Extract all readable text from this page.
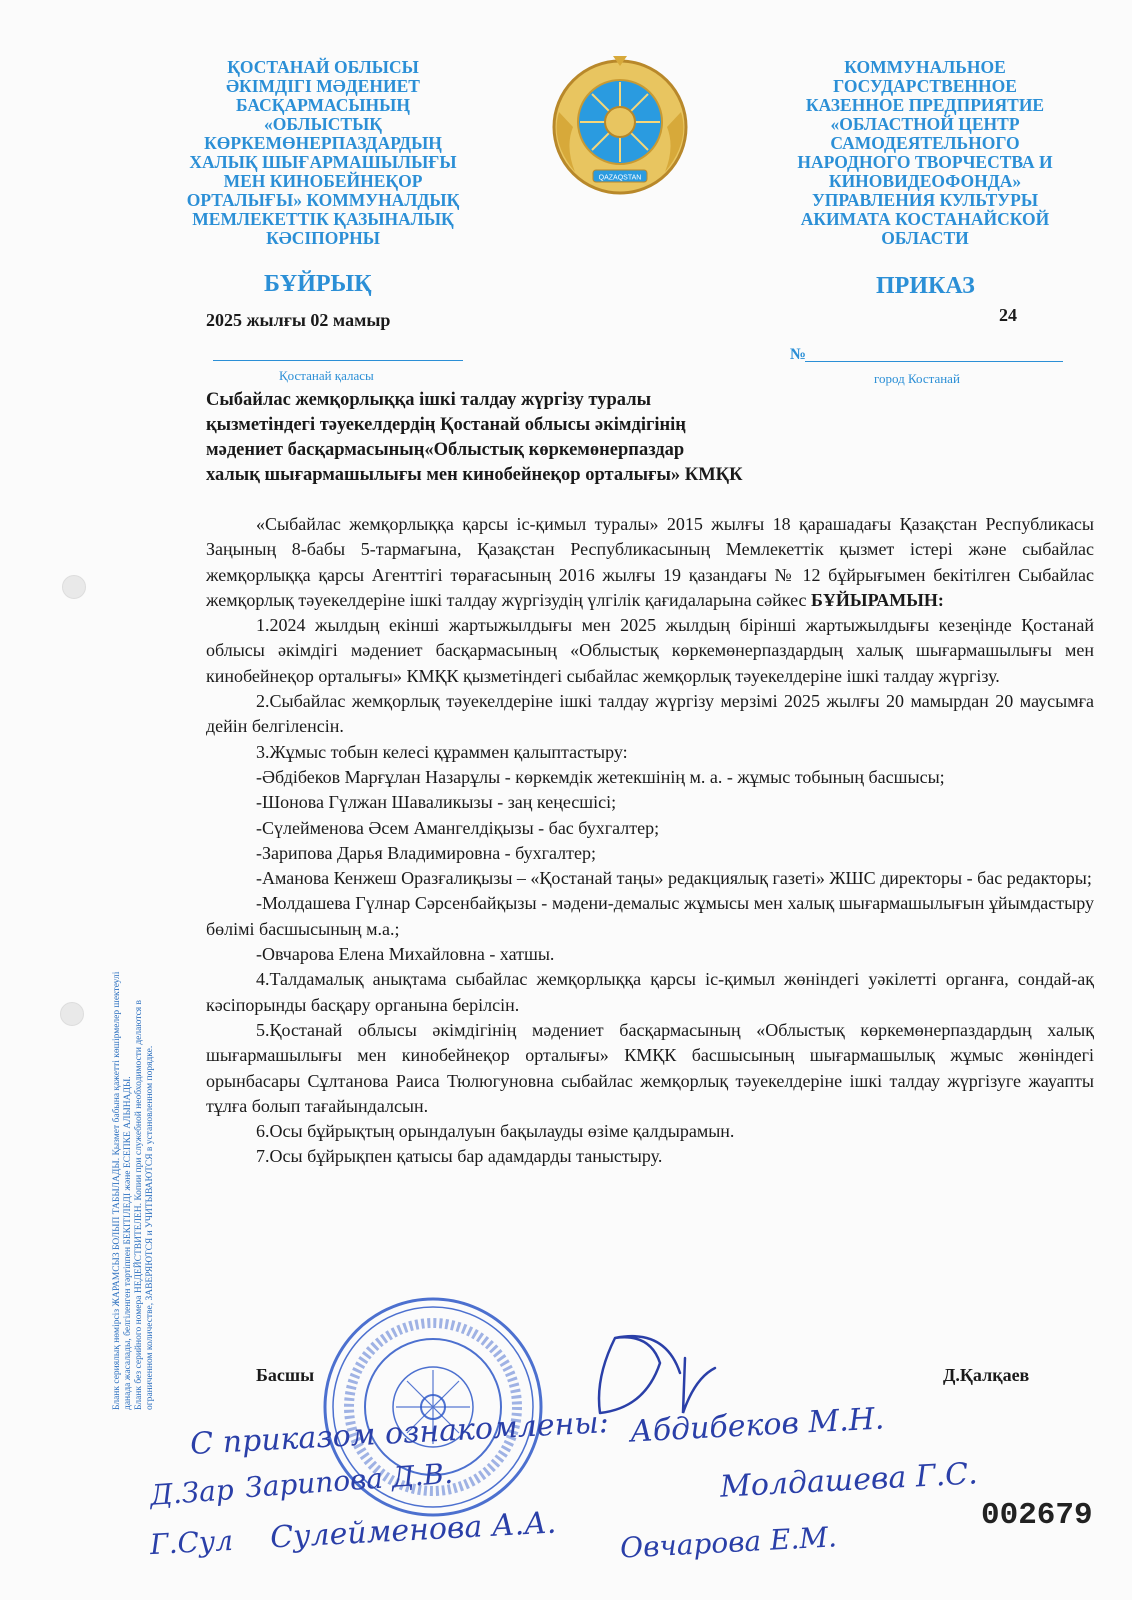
ҚОСТАНАЙ ОБЛЫСЫ
ӘКІМДІГІ МӘДЕНИЕТ
БАСҚАРМАСЫНЫҢ
«ОБЛЫСТЫҚ
КӨРКЕМӨНЕРПАЗДАРДЫҢ
ХАЛЫҚ ШЫҒАРМАШЫЛЫҒЫ
МЕН КИНОБЕЙНЕҚОР
ОРТАЛЫҒЫ» КОММУНАЛДЫҚ
МЕМЛЕКЕТТІК ҚАЗЫНАЛЫҚ
КӘСІПОРНЫ
QAZAQSTAN
КОММУНАЛЬНОЕ
ГОСУДАРСТВЕННОЕ
КАЗЕННОЕ ПРЕДПРИЯТИЕ
«ОБЛАСТНОЙ ЦЕНТР
САМОДЕЯТЕЛЬНОГО
НАРОДНОГО ТВОРЧЕСТВА И
КИНОВИДЕОФОНДА»
УПРАВЛЕНИЯ КУЛЬТУРЫ
АКИМАТА КОСТАНАЙСКОЙ
ОБЛАСТИ
БҰЙРЫҚ	ПРИКАЗ
2025 жылғы 02 мамыр	24
№
Қостанай қаласы	город Костанай
Сыбайлас жемқорлыққа ішкі талдау жүргізу туралы
қызметіндегі тәуекелдердің Қостанай облысы әкімдігінің
мәдениет басқармасының«Облыстық көркемөнерпаздар
халық шығармашылығы мен кинобейнеқор орталығы» КМҚК

«Сыбайлас жемқорлыққа қарсы іс-қимыл туралы» 2015 жылғы 18 қарашадағы Қазақстан Республикасы Заңының 8-бабы 5-тармағына, Қазақстан Республикасының Мемлекеттік қызмет істері және сыбайлас жемқорлыққа қарсы Агенттігі төрағасының 2016 жылғы 19 қазандағы № 12 бұйрығымен бекітілген Сыбайлас жемқорлық тәуекелдеріне ішкі талдау жүргізудің үлгілік қағидаларына сәйкес БҰЙЫРАМЫН:

1.2024 жылдың екінші жартыжылдығы мен 2025 жылдың бірінші жартыжылдығы кезеңінде Қостанай облысы әкімдігі мәдениет басқармасының «Облыстық көркемөнерпаздардың халық шығармашылығы мен кинобейнеқор орталығы» КМҚК қызметіндегі сыбайлас жемқорлық тәуекелдеріне ішкі талдау жүргізу.

2.Сыбайлас жемқорлық тәуекелдеріне ішкі талдау жүргізу мерзімі 2025 жылғы 20 мамырдан 20 маусымға дейін белгіленсін.

3.Жұмыс тобын келесі құраммен қалыптастыру:

-Әбдібеков Марғұлан Назарұлы - көркемдік жетекшінің м. а. - жұмыс тобының басшысы;

-Шонова Гүлжан Шаваликызы - заң кеңесшісі;

-Сүлейменова Әсем Амангелдіқызы - бас бухгалтер;

-Зарипова Дарья Владимировна - бухгалтер;

-Аманова Кенжеш Оразғалиқызы – «Қостанай таңы» редакциялық газеті» ЖШС директоры - бас редакторы;

-Молдашева Гүлнар Сәрсенбайқызы - мәдени-демалыс жұмысы мен халық шығармашылығын ұйымдастыру бөлімі басшысының м.а.;

-Овчарова Елена Михайловна - хатшы.

4.Талдамалық анықтама сыбайлас жемқорлыққа қарсы іс-қимыл жөніндегі уәкілетті органға, сондай-ақ кәсіпорынды басқару органына берілсін.

5.Қостанай облысы әкімдігінің мәдениет басқармасының «Облыстық көркемөнерпаздардың халық шығармашылығы мен кинобейнеқор орталығы» КМҚК басшысының шығармашылық жұмыс жөніндегі орынбасары Сұлтанова Раиса Тюлюгуновна сыбайлас жемқорлық тәуекелдеріне ішкі талдау жүргізуге жауапты тұлға болып тағайындалсын.

6.Осы бұйрықтың орындалуын бақылауды өзіме қалдырамын.

7.Осы бұйрықпен қатысы бар адамдарды таныстыру.

Басшы	Д.Қалқаев
С приказом ознакомлены: Абдибеков М.Н.
Д.Зар Зарипова Д.В.	Молдашева Г.С.
Г.Сул Сулейменова А.А. Овчарова Е.М.
002679
Бланк сериялық нөмірсіз ЖАРАМСЫЗ БОЛЫП ТАБЫЛАДЫ. Қызмет бабына қажетті көшірмелер шектеулі данада жасалады, белгіленген тәртіппен БЕКІТІЛЕДІ және ЕСЕПКЕ АЛЫНАДЫ. Бланк без серийного номера НЕДЕЙСТВИТЕЛЕН. Копии при служебной необходимости делаются в ограниченном количестве, ЗАВЕРЯЮТСЯ и УЧИТЫВАЮТСЯ в установленном порядке.
